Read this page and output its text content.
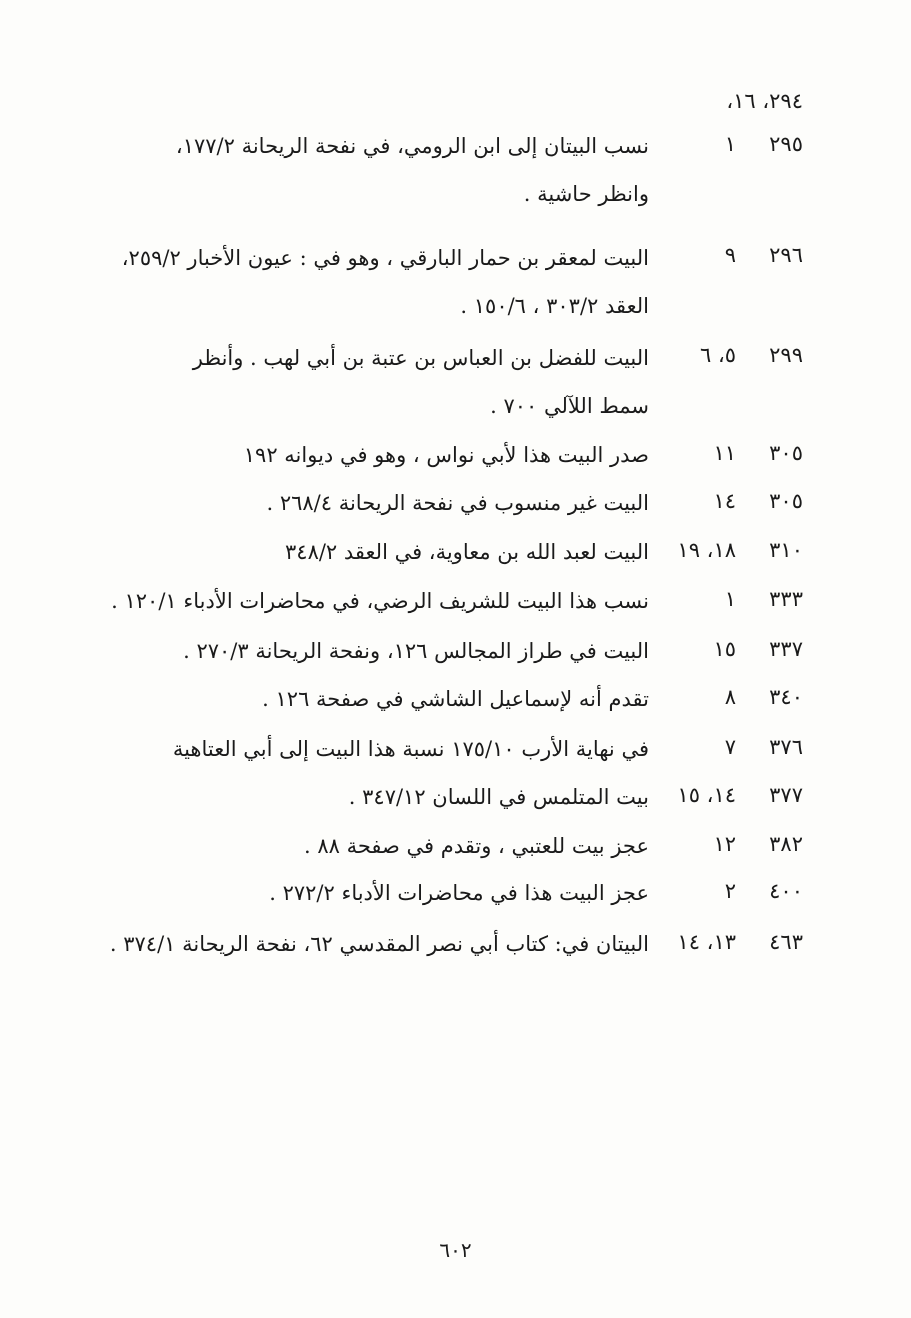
٢٩٤، ١٦،
٢٩٥
١
نسب البيتان إلى ابن الرومي، في نفحة الريحانة ١٧٧/٢،
وانظر حاشية .
٢٩٦
٩
البيت لمعقر بن حمار البارقي ، وهو في : عيون الأخبار ٢٥٩/٢،
العقد ٣٠٣/٢ ، ١٥٠/٦ .
٢٩٩
٥، ٦
البيت للفضل بن العباس بن عتبة بن أبي لهب . وأنظر
سمط اللآلي ٧٠٠ .
٣٠٥
١١
صدر البيت هذا لأبي نواس ، وهو في ديوانه ١٩٢
٣٠٥
١٤
البيت غير منسوب في نفحة الريحانة ٢٦٨/٤ .
٣١٠
١٨، ١٩
البيت لعبد الله بن معاوية، في العقد ٣٤٨/٢
٣٣٣
١
نسب هذا البيت للشريف الرضي، في محاضرات الأدباء ١٢٠/١ .
٣٣٧
١٥
البيت في طراز المجالس ١٢٦، ونفحة الريحانة ٢٧٠/٣ .
٣٤٠
٨
تقدم أنه لإسماعيل الشاشي في صفحة ١٢٦ .
٣٧٦
٧
في نهاية الأرب ١٧٥/١٠ نسبة هذا البيت إلى أبي العتاهية
٣٧٧
١٤، ١٥
بيت المتلمس في اللسان ٣٤٧/١٢ .
٣٨٢
١٢
عجز بيت للعتبي ، وتقدم في صفحة ٨٨ .
٤٠٠
٢
عجز البيت هذا في محاضرات الأدباء ٢٧٢/٢ .
٤٦٣
١٣، ١٤
البيتان في: كتاب أبي نصر المقدسي ٦٢، نفحة الريحانة ٣٧٤/١ .
٦٠٢
